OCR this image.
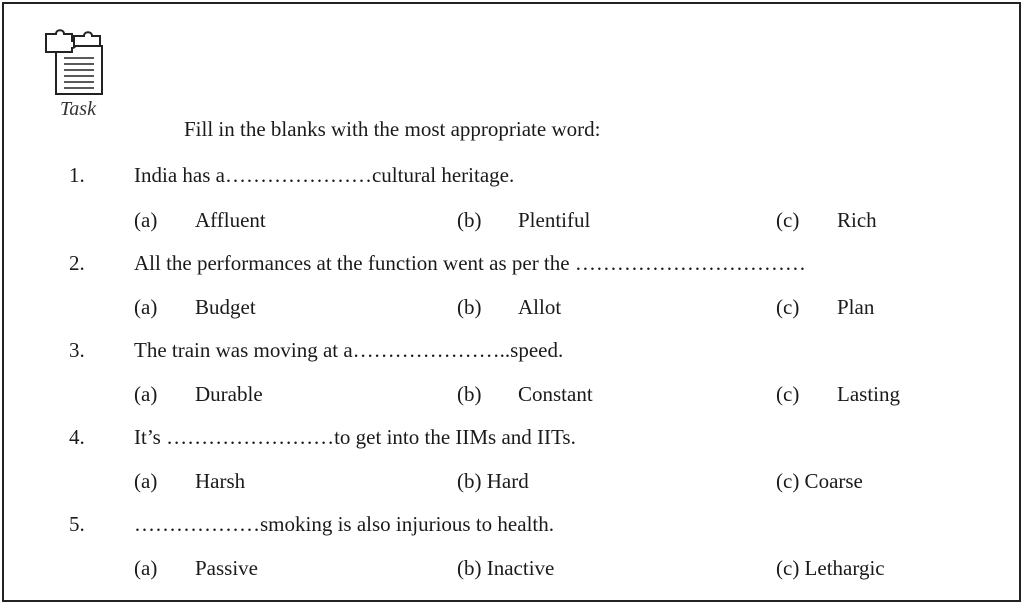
Task
Fill in the blanks with the most appropriate word:
1. India has a…………………cultural heritage.
(a) Affluent	(b) Plentiful	(c) Rich
2. All the performances at the function went as per the ……………………………
(a) Budget	(b) Allot	(c) Plan
3. The train was moving at a…………………..speed.
(a) Durable	(b) Constant	(c) Lasting
4. It’s ……………………to get into the IIMs and IITs.
(a) Harsh	(b) Hard	(c) Coarse
5. ………………smoking is also injurious to health.
(a) Passive	(b) Inactive	(c) Lethargic
